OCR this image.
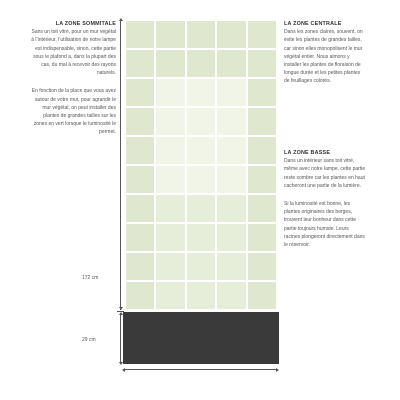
LA ZONE SOMMITALE
Sans un toit vitré, pour un mur végétal à l’intérieur, l’utilisation de notre lampe est indispensable, sinon, cette partie sous le plafond a, dans la plupart des cas, du mal à recevoir des rayons naturels.
En fonction de la place que vous avez autour de votre mur, pour agrandir le mur végétal, on peut installer des plantes de grandes tailles sur les zones en vert lorsque le luminosité le permet.
LA ZONE CENTRALE
Dans les zones claires, souvent, on évite les plantes de grandes tailles, car sinon elles monopolisent le mur végétal entier. Nous aimons y installer les plantes de floraison de longue durée et les petites plantes de feuillages colorés.
LA ZONE BASSE
Dans un intérieur sans toit vitré, même avec notre lampe, cette partie reste sombre car les plantes en haut cacheront une partie de la lumière.
Si la luminosité est bonne, les plantes originaires des berges, trouvent leur bonheur dans cette partie toujours humide. Leurs racines plongeront directement dans le réservoir.
172 cm
29 cm
